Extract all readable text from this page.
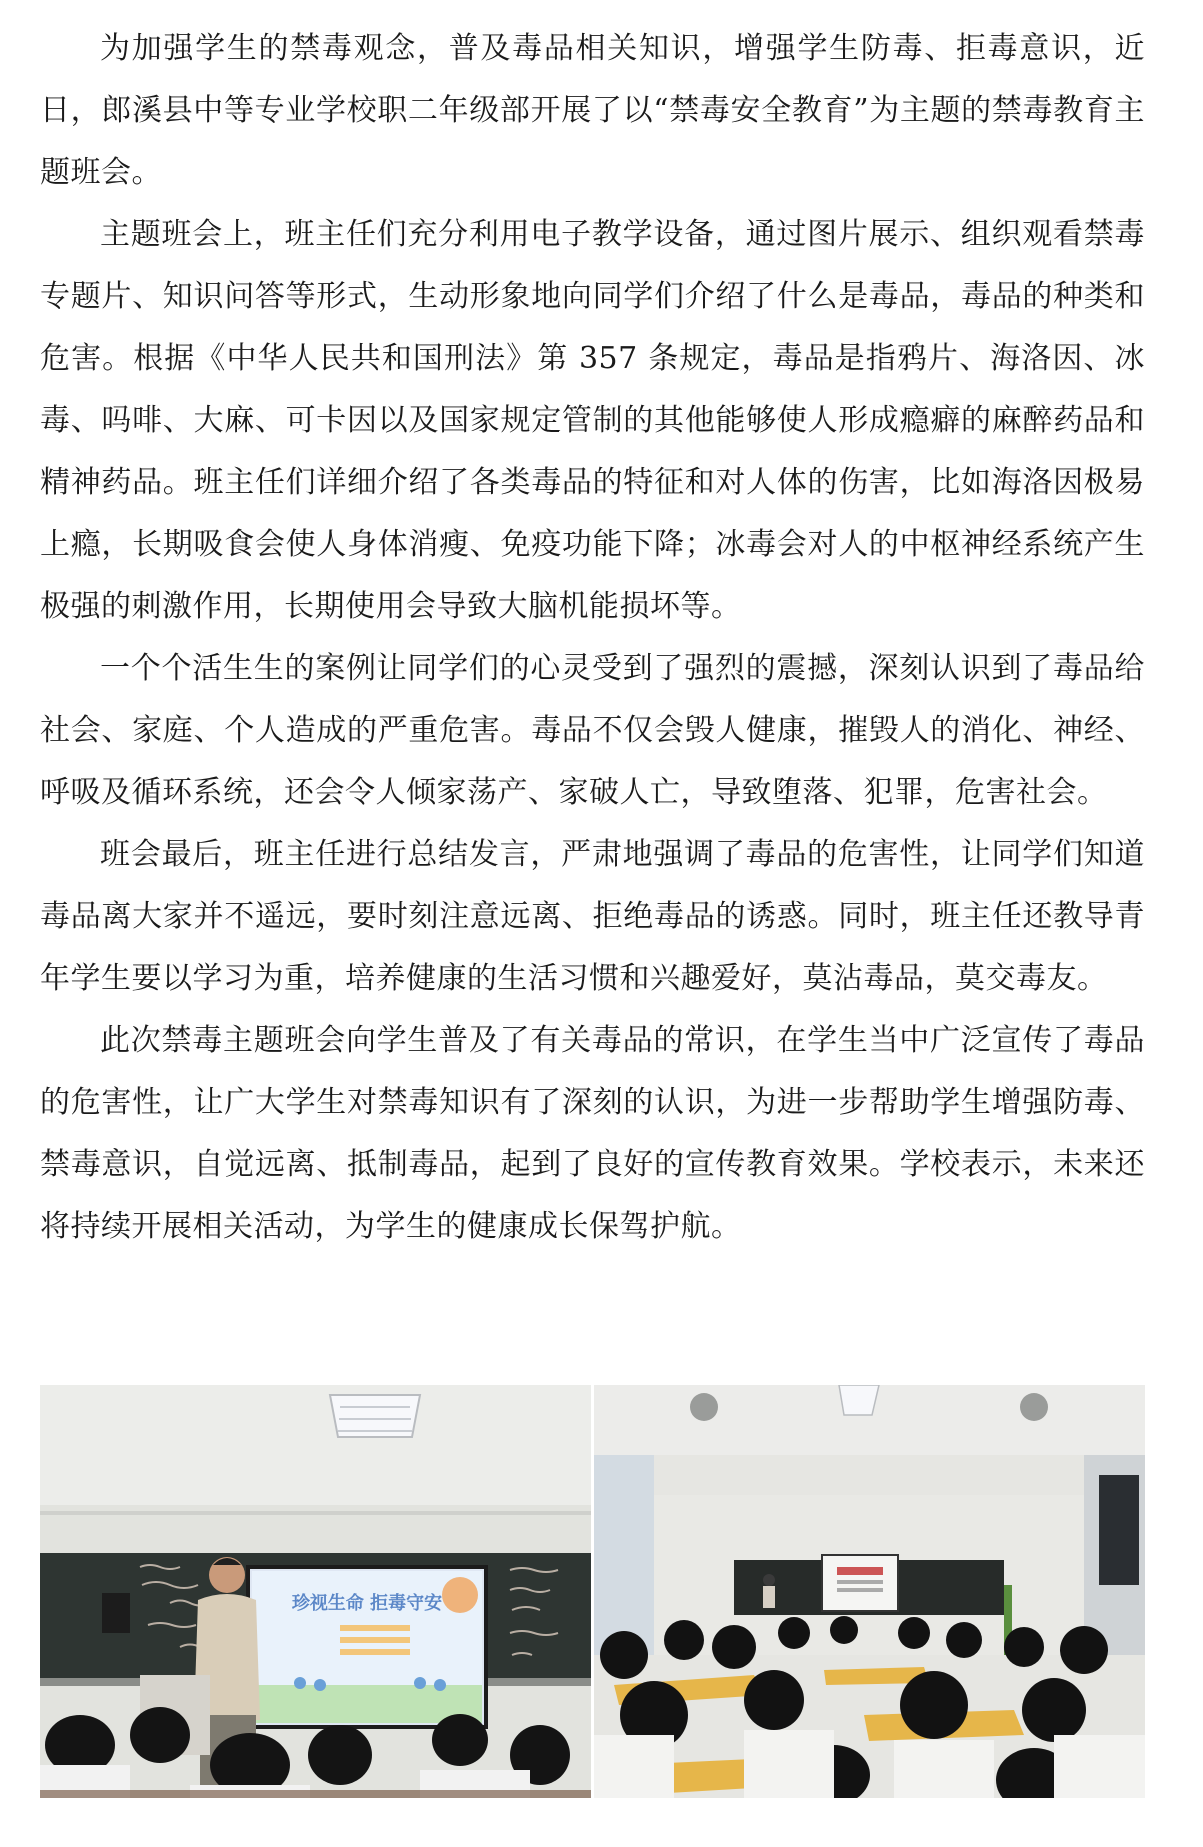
为加强学生的禁毒观念，普及毒品相关知识，增强学生防毒、拒毒意识，近日，郎溪县中等专业学校职二年级部开展了以“禁毒安全教育”为主题的禁毒教育主题班会。

主题班会上，班主任们充分利用电子教学设备，通过图片展示、组织观看禁毒专题片、知识问答等形式，生动形象地向同学们介绍了什么是毒品，毒品的种类和危害。根据《中华人民共和国刑法》第 357 条规定，毒品是指鸦片、海洛因、冰毒、吗啡、大麻、可卡因以及国家规定管制的其他能够使人形成瘾癖的麻醉药品和精神药品。班主任们详细介绍了各类毒品的特征和对人体的伤害，比如海洛因极易上瘾，长期吸食会使人身体消瘦、免疫功能下降；冰毒会对人的中枢神经系统产生极强的刺激作用，长期使用会导致大脑机能损坏等。

一个个活生生的案例让同学们的心灵受到了强烈的震撼，深刻认识到了毒品给社会、家庭、个人造成的严重危害。毒品不仅会毁人健康，摧毁人的消化、神经、呼吸及循环系统，还会令人倾家荡产、家破人亡，导致堕落、犯罪，危害社会。

班会最后，班主任进行总结发言，严肃地强调了毒品的危害性，让同学们知道毒品离大家并不遥远，要时刻注意远离、拒绝毒品的诱惑。同时，班主任还教导青年学生要以学习为重，培养健康的生活习惯和兴趣爱好，莫沾毒品，莫交毒友。

此次禁毒主题班会向学生普及了有关毒品的常识，在学生当中广泛宣传了毒品的危害性，让广大学生对禁毒知识有了深刻的认识，为进一步帮助学生增强防毒、禁毒意识，自觉远离、抵制毒品，起到了良好的宣传教育效果。学校表示，未来还将持续开展相关活动，为学生的健康成长保驾护航。

珍视生命 拒毒守安
